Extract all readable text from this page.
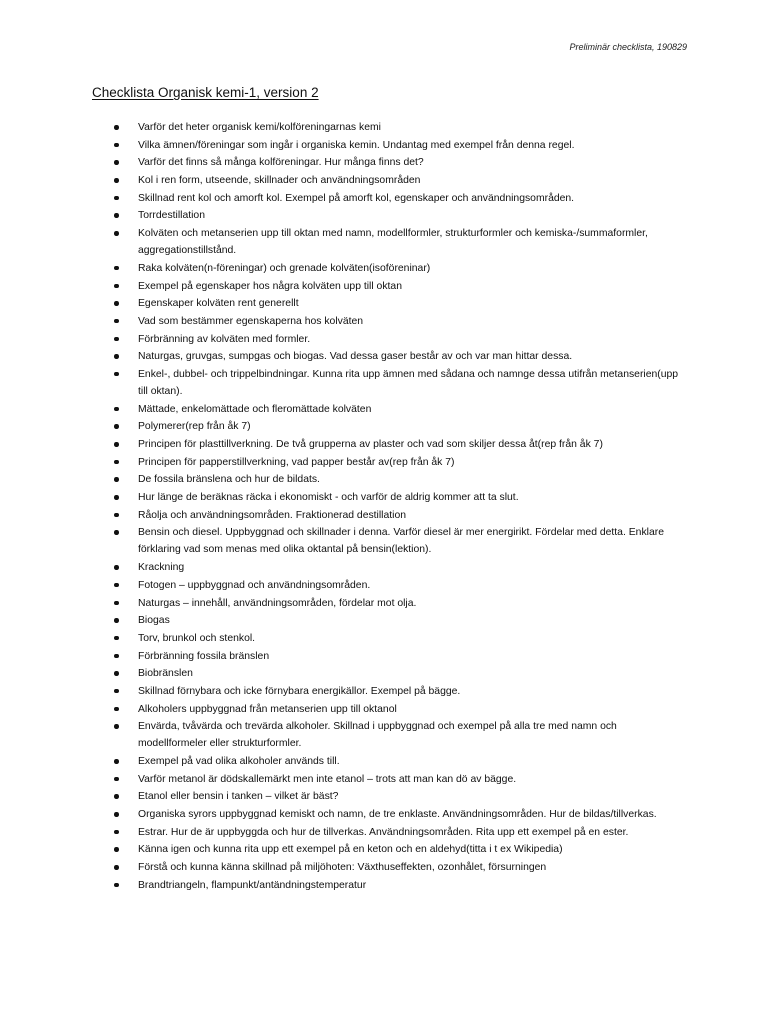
Preliminär checklista, 190829
Checklista Organisk kemi-1, version 2
Varför det heter organisk kemi/kolföreningarnas kemi
Vilka ämnen/föreningar som ingår i organiska kemin. Undantag med exempel från denna regel.
Varför det finns så många kolföreningar. Hur många finns det?
Kol i ren form, utseende, skillnader och användningsområden
Skillnad rent kol och amorft kol. Exempel på amorft kol, egenskaper och användningsområden.
Torrdestillation
Kolväten och metanserien upp till oktan med namn, modellformler, strukturformler och kemiska-/summaformler, aggregationstillstånd.
Raka kolväten(n-föreningar) och grenade kolväten(isoföreninar)
Exempel på egenskaper hos några kolväten upp till oktan
Egenskaper kolväten rent generellt
Vad som bestämmer egenskaperna hos kolväten
Förbränning av kolväten med formler.
Naturgas, gruvgas, sumpgas och biogas. Vad dessa gaser består av och var man hittar dessa.
Enkel-, dubbel- och trippelbindningar. Kunna rita upp ämnen med sådana och namnge dessa utifrån metanserien(upp till oktan).
Mättade, enkelomättade och fleromättade kolväten
Polymerer(rep från åk 7)
Principen för plasttillverkning. De två grupperna av plaster och vad som skiljer dessa åt(rep från åk 7)
Principen för papperstillverkning, vad papper består av(rep från åk 7)
De fossila bränslena och hur de bildats.
Hur länge de beräknas räcka i ekonomiskt - och varför de aldrig kommer att ta slut.
Råolja och användningsområden. Fraktionerad destillation
Bensin och diesel. Uppbyggnad och skillnader i denna. Varför diesel är mer energirikt. Fördelar med detta. Enklare förklaring vad som menas med olika oktantal på bensin(lektion).
Krackning
Fotogen – uppbyggnad och användningsområden.
Naturgas – innehåll, användningsområden, fördelar mot olja.
Biogas
Torv, brunkol och stenkol.
Förbränning fossila bränslen
Biobränslen
Skillnad förnybara och icke förnybara energikällor. Exempel på bägge.
Alkoholers uppbyggnad från metanserien upp till oktanol
Envärda, tvåvärda och trevärda alkoholer. Skillnad i uppbyggnad och exempel på alla tre med namn och modellformeler eller strukturformler.
Exempel på vad olika alkoholer används till.
Varför metanol är dödskallemärkt men inte etanol – trots att man kan dö av bägge.
Etanol eller bensin i tanken – vilket är bäst?
Organiska syrors uppbyggnad kemiskt och namn, de tre enklaste. Användningsområden. Hur de bildas/tillverkas.
Estrar. Hur de är uppbyggda och hur de tillverkas. Användningsområden. Rita upp ett exempel på en ester.
Känna igen och kunna rita upp ett exempel på en keton och en aldehyd(titta i t ex Wikipedia)
Förstå och kunna känna skillnad på miljöhoten: Växthuseffekten, ozonhålet, försurningen
Brandtriangeln, flampunkt/antändningstemperatur
